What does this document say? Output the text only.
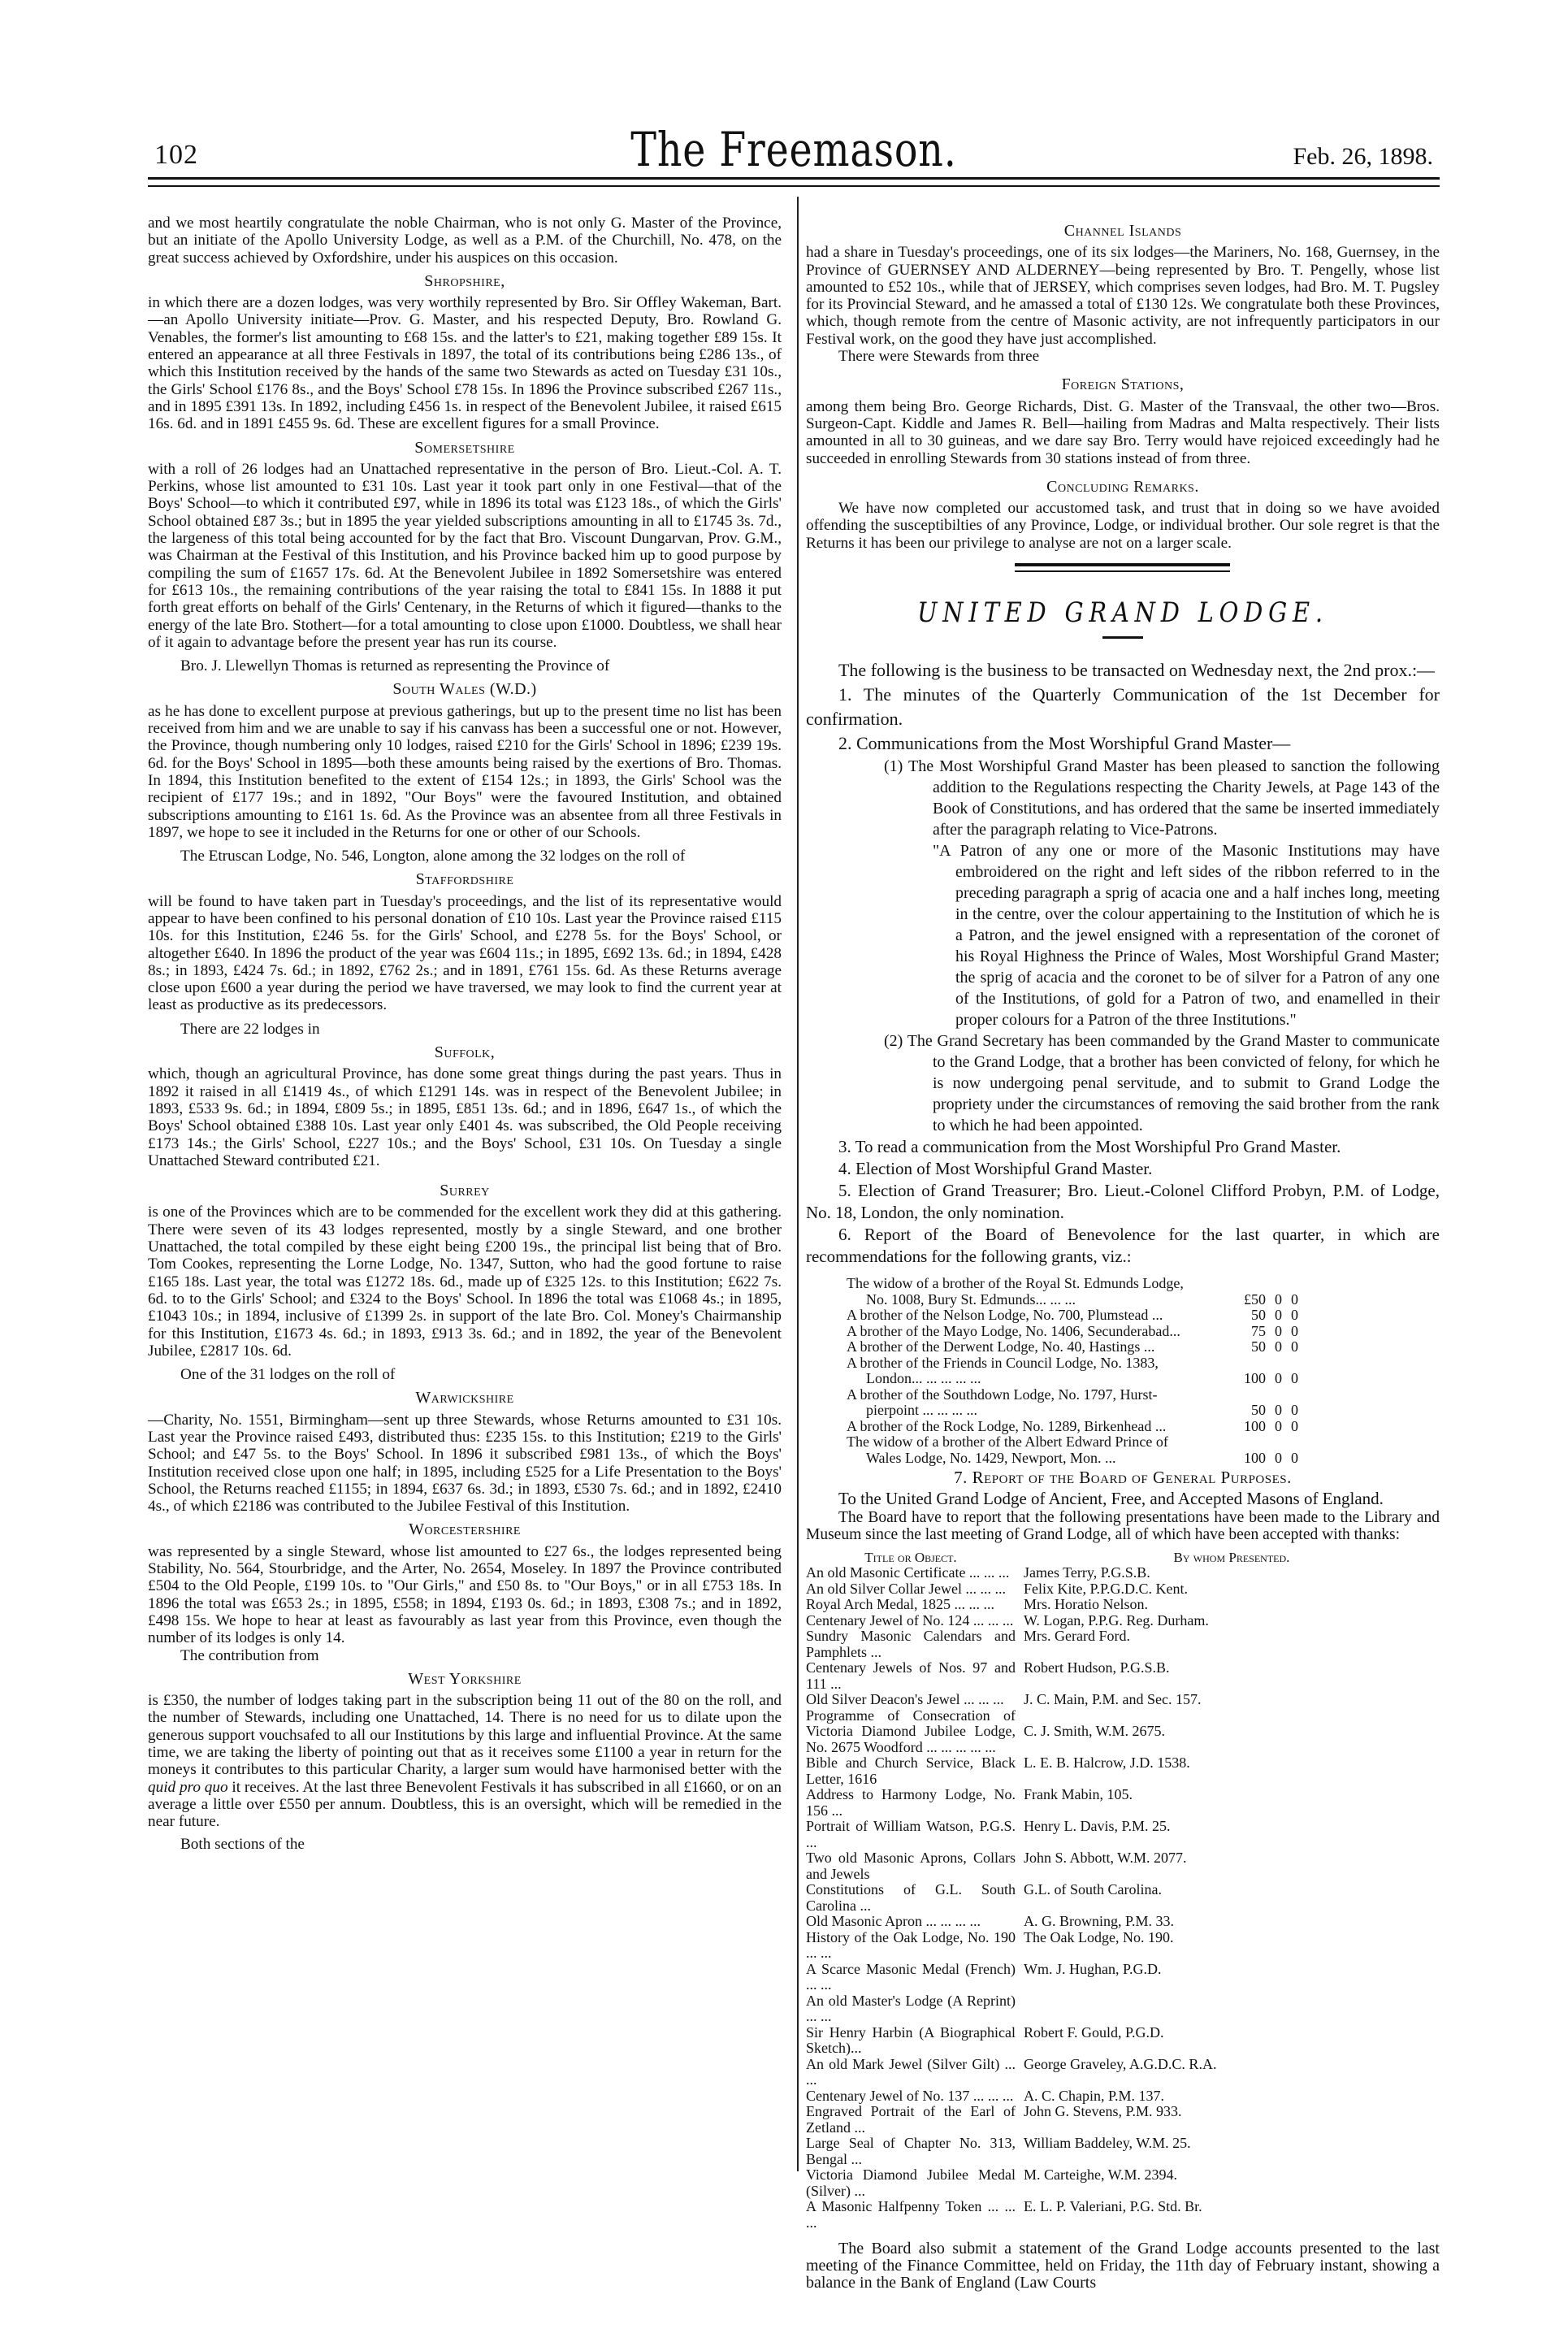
102	The Freemason.	Feb. 26, 1898.

and we most heartily congratulate the noble Chairman, who is not only G. Master of the Province, but an initiate of the Apollo University Lodge, as well as a P.M. of the Churchill, No. 478, on the great success achieved by Oxfordshire, under his auspices on this occasion.

Shropshire,

in which there are a dozen lodges, was very worthily represented by Bro. Sir Offley Wakeman, Bart.—an Apollo University initiate—Prov. G. Master, and his respected Deputy, Bro. Rowland G. Venables, the former's list amounting to £68 15s. and the latter's to £21, making together £89 15s. It entered an appearance at all three Festivals in 1897, the total of its contributions being £286 13s., of which this Institution received by the hands of the same two Stewards as acted on Tuesday £31 10s., the Girls' School £176 8s., and the Boys' School £78 15s. In 1896 the Province subscribed £267 11s., and in 1895 £391 13s. In 1892, including £456 1s. in respect of the Benevolent Jubilee, it raised £615 16s. 6d. and in 1891 £455 9s. 6d. These are excellent figures for a small Province.

Somersetshire

with a roll of 26 lodges had an Unattached representative in the person of Bro. Lieut.-Col. A. T. Perkins, whose list amounted to £31 10s. Last year it took part only in one Festival—that of the Boys' School—to which it contributed £97, while in 1896 its total was £123 18s., of which the Girls' School obtained £87 3s.; but in 1895 the year yielded subscriptions amounting in all to £1745 3s. 7d., the largeness of this total being accounted for by the fact that Bro. Viscount Dungarvan, Prov. G.M., was Chairman at the Festival of this Institution, and his Province backed him up to good purpose by compiling the sum of £1657 17s. 6d. At the Benevolent Jubilee in 1892 Somersetshire was entered for £613 10s., the remaining contributions of the year raising the total to £841 15s. In 1888 it put forth great efforts on behalf of the Girls' Centenary, in the Returns of which it figured—thanks to the energy of the late Bro. Stothert—for a total amounting to close upon £1000. Doubtless, we shall hear of it again to advantage before the present year has run its course.

Bro. J. Llewellyn Thomas is returned as representing the Province of

South Wales (W.D.)

as he has done to excellent purpose at previous gatherings, but up to the present time no list has been received from him and we are unable to say if his canvass has been a successful one or not. However, the Province, though numbering only 10 lodges, raised £210 for the Girls' School in 1896; £239 19s. 6d. for the Boys' School in 1895—both these amounts being raised by the exertions of Bro. Thomas. In 1894, this Institution benefited to the extent of £154 12s.; in 1893, the Girls' School was the recipient of £177 19s.; and in 1892, "Our Boys" were the favoured Institution, and obtained subscriptions amounting to £161 1s. 6d. As the Province was an absentee from all three Festivals in 1897, we hope to see it included in the Returns for one or other of our Schools.

The Etruscan Lodge, No. 546, Longton, alone among the 32 lodges on the roll of

Staffordshire

will be found to have taken part in Tuesday's proceedings, and the list of its representative would appear to have been confined to his personal donation of £10 10s. Last year the Province raised £115 10s. for this Institution, £246 5s. for the Girls' School, and £278 5s. for the Boys' School, or altogether £640. In 1896 the product of the year was £604 11s.; in 1895, £692 13s. 6d.; in 1894, £428 8s.; in 1893, £424 7s. 6d.; in 1892, £762 2s.; and in 1891, £761 15s. 6d. As these Returns average close upon £600 a year during the period we have traversed, we may look to find the current year at least as productive as its predecessors.

There are 22 lodges in

Suffolk,

which, though an agricultural Province, has done some great things during the past years. Thus in 1892 it raised in all £1419 4s., of which £1291 14s. was in respect of the Benevolent Jubilee; in 1893, £533 9s. 6d.; in 1894, £809 5s.; in 1895, £851 13s. 6d.; and in 1896, £647 1s., of which the Boys' School obtained £388 10s. Last year only £401 4s. was subscribed, the Old People receiving £173 14s.; the Girls' School, £227 10s.; and the Boys' School, £31 10s. On Tuesday a single Unattached Steward contributed £21.

Surrey

is one of the Provinces which are to be commended for the excellent work they did at this gathering. There were seven of its 43 lodges represented, mostly by a single Steward, and one brother Unattached, the total compiled by these eight being £200 19s., the principal list being that of Bro. Tom Cookes, representing the Lorne Lodge, No. 1347, Sutton, who had the good fortune to raise £165 18s. Last year, the total was £1272 18s. 6d., made up of £325 12s. to this Institution; £622 7s. 6d. to to the Girls' School; and £324 to the Boys' School. In 1896 the total was £1068 4s.; in 1895, £1043 10s.; in 1894, inclusive of £1399 2s. in support of the late Bro. Col. Money's Chairmanship for this Institution, £1673 4s. 6d.; in 1893, £913 3s. 6d.; and in 1892, the year of the Benevolent Jubilee, £2817 10s. 6d.

One of the 31 lodges on the roll of

Warwickshire

—Charity, No. 1551, Birmingham—sent up three Stewards, whose Returns amounted to £31 10s. Last year the Province raised £493, distributed thus: £235 15s. to this Institution; £219 to the Girls' School; and £47 5s. to the Boys' School. In 1896 it subscribed £981 13s., of which the Boys' Institution received close upon one half; in 1895, including £525 for a Life Presentation to the Boys' School, the Returns reached £1155; in 1894, £637 6s. 3d.; in 1893, £530 7s. 6d.; and in 1892, £2410 4s., of which £2186 was contributed to the Jubilee Festival of this Institution.

Worcestershire

was represented by a single Steward, whose list amounted to £27 6s., the lodges represented being Stability, No. 564, Stourbridge, and the Arter, No. 2654, Moseley. In 1897 the Province contributed £504 to the Old People, £199 10s. to "Our Girls," and £50 8s. to "Our Boys," or in all £753 18s. In 1896 the total was £653 2s.; in 1895, £558; in 1894, £193 0s. 6d.; in 1893, £308 7s.; and in 1892, £498 15s. We hope to hear at least as favourably as last year from this Province, even though the number of its lodges is only 14.

The contribution from

West Yorkshire

is £350, the number of lodges taking part in the subscription being 11 out of the 80 on the roll, and the number of Stewards, including one Unattached, 14. There is no need for us to dilate upon the generous support vouchsafed to all our Institutions by this large and influential Province. At the same time, we are taking the liberty of pointing out that as it receives some £1100 a year in return for the moneys it contributes to this particular Charity, a larger sum would have harmonised better with the quid pro quo it receives. At the last three Benevolent Festivals it has subscribed in all £1660, or on an average a little over £550 per annum. Doubtless, this is an oversight, which will be remedied in the near future.

Both sections of the

Channel Islands

had a share in Tuesday's proceedings, one of its six lodges—the Mariners, No. 168, Guernsey, in the Province of GUERNSEY AND ALDERNEY—being represented by Bro. T. Pengelly, whose list amounted to £52 10s., while that of JERSEY, which comprises seven lodges, had Bro. M. T. Pugsley for its Provincial Steward, and he amassed a total of £130 12s. We congratulate both these Provinces, which, though remote from the centre of Masonic activity, are not infrequently participators in our Festival work, on the good they have just accomplished.

There were Stewards from three

Foreign Stations,

among them being Bro. George Richards, Dist. G. Master of the Transvaal, the other two—Bros. Surgeon-Capt. Kiddle and James R. Bell—hailing from Madras and Malta respectively. Their lists amounted in all to 30 guineas, and we dare say Bro. Terry would have rejoiced exceedingly had he succeeded in enrolling Stewards from 30 stations instead of from three.

Concluding Remarks.

We have now completed our accustomed task, and trust that in doing so we have avoided offending the susceptibilties of any Province, Lodge, or individual brother. Our sole regret is that the Returns it has been our privilege to analyse are not on a larger scale.

UNITED GRAND LODGE.

The following is the business to be transacted on Wednesday next, the 2nd prox.:—

1. The minutes of the Quarterly Communication of the 1st December for confirmation.

2. Communications from the Most Worshipful Grand Master—

(1) The Most Worshipful Grand Master has been pleased to sanction the following addition to the Regulations respecting the Charity Jewels, at Page 143 of the Book of Constitutions, and has ordered that the same be inserted immediately after the paragraph relating to Vice-Patrons.

"A Patron of any one or more of the Masonic Institutions may have embroidered on the right and left sides of the ribbon referred to in the preceding paragraph a sprig of acacia one and a half inches long, meeting in the centre, over the colour appertaining to the Institution of which he is a Patron, and the jewel ensigned with a representation of the coronet of his Royal Highness the Prince of Wales, Most Worshipful Grand Master; the sprig of acacia and the coronet to be of silver for a Patron of any one of the Institutions, of gold for a Patron of two, and enamelled in their proper colours for a Patron of the three Institutions."

(2) The Grand Secretary has been commanded by the Grand Master to communicate to the Grand Lodge, that a brother has been convicted of felony, for which he is now undergoing penal servitude, and to submit to Grand Lodge the propriety under the circumstances of removing the said brother from the rank to which he had been appointed.

3. To read a communication from the Most Worshipful Pro Grand Master.

4. Election of Most Worshipful Grand Master.

5. Election of Grand Treasurer; Bro. Lieut.-Colonel Clifford Probyn, P.M. of Lodge, No. 18, London, the only nomination.

6. Report of the Board of Benevolence for the last quarter, in which are recommendations for the following grants, viz.:

The widow of a brother of the Royal St. Edmunds Lodge,
No. 1008, Bury St. Edmunds... ... ...	£50	0	0

A brother of the Nelson Lodge, No. 700, Plumstead ...	50	0	0

A brother of the Mayo Lodge, No. 1406, Secunderabad...	75	0	0

A brother of the Derwent Lodge, No. 40, Hastings ...	50	0	0

A brother of the Friends in Council Lodge, No. 1383,
London... ... ... ... ...	100	0	0

A brother of the Southdown Lodge, No. 1797, Hurst-
pierpoint ... ... ... ...	50	0	0

A brother of the Rock Lodge, No. 1289, Birkenhead ...	100	0	0

The widow of a brother of the Albert Edward Prince of
Wales Lodge, No. 1429, Newport, Mon. ...	100	0	0
7. Report of the Board of General Purposes.

To the United Grand Lodge of Ancient, Free, and Accepted Masons of England.

The Board have to report that the following presentations have been made to the Library and Museum since the last meeting of Grand Lodge, all of which have been accepted with thanks:

Title or Object.	By whom Presented.
An old Masonic Certificate ... ... ...	James Terry, P.G.S.B.
An old Silver Collar Jewel ... ... ...	Felix Kite, P.P.G.D.C. Kent.
Royal Arch Medal, 1825 ... ... ...	Mrs. Horatio Nelson.
Centenary Jewel of No. 124 ... ... ...	W. Logan, P.P.G. Reg. Durham.
Sundry Masonic Calendars and Pamphlets ...	Mrs. Gerard Ford.
Centenary Jewels of Nos. 97 and 111 ...	Robert Hudson, P.G.S.B.
Old Silver Deacon's Jewel ... ... ...	J. C. Main, P.M. and Sec. 157.
Programme of Consecration of Victoria Diamond Jubilee Lodge, No. 2675 Woodford ... ... ... ... ...	C. J. Smith, W.M. 2675.
Bible and Church Service, Black Letter, 1616	L. E. B. Halcrow, J.D. 1538.
Address to Harmony Lodge, No. 156 ...	Frank Mabin, 105.
Portrait of William Watson, P.G.S. ...	Henry L. Davis, P.M. 25.
Two old Masonic Aprons, Collars and Jewels	John S. Abbott, W.M. 2077.
Constitutions of G.L. South Carolina ...	G.L. of South Carolina.
Old Masonic Apron ... ... ... ...	A. G. Browning, P.M. 33.
History of the Oak Lodge, No. 190 ... ...	The Oak Lodge, No. 190.
A Scarce Masonic Medal (French) ... ...	Wm. J. Hughan, P.G.D.
An old Master's Lodge (A Reprint) ... ...	
Sir Henry Harbin (A Biographical Sketch)...	Robert F. Gould, P.G.D.
An old Mark Jewel (Silver Gilt) ... ...	George Graveley, A.G.D.C. R.A.
Centenary Jewel of No. 137 ... ... ...	A. C. Chapin, P.M. 137.
Engraved Portrait of the Earl of Zetland ...	John G. Stevens, P.M. 933.
Large Seal of Chapter No. 313, Bengal ...	William Baddeley, W.M. 25.
Victoria Diamond Jubilee Medal (Silver) ...	M. Carteighe, W.M. 2394.
A Masonic Halfpenny Token ... ... ...	E. L. P. Valeriani, P.G. Std. Br.

The Board also submit a statement of the Grand Lodge accounts presented to the last meeting of the Finance Committee, held on Friday, the 11th day of February instant, showing a balance in the Bank of England (Law Courts
